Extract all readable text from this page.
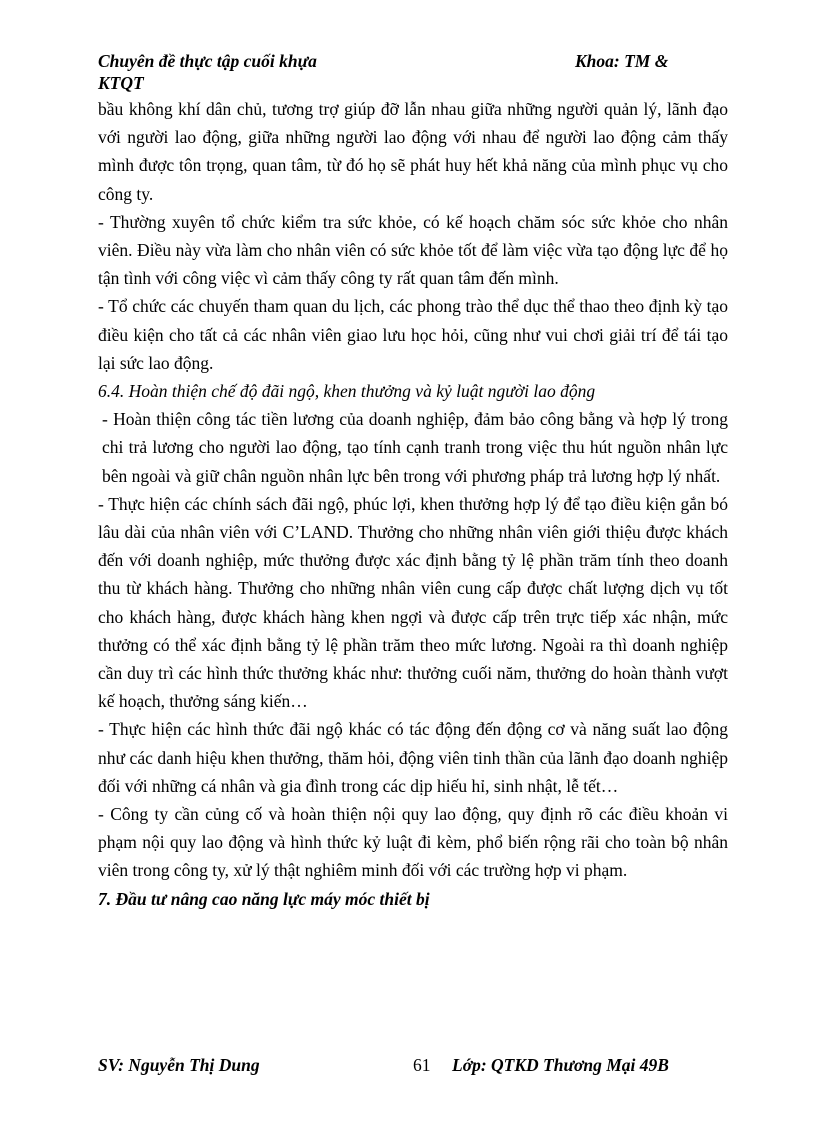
Chuyên đề thực tập cuối khựa	Khoa: TM &
KTQT

bầu không khí dân chủ, tương trợ giúp đỡ lẫn nhau giữa những người quản lý, lãnh đạo với người lao động, giữa những người lao động với nhau để người lao động cảm thấy mình được tôn trọng, quan tâm, từ đó họ sẽ phát huy hết khả năng của mình phục vụ cho công ty.

- Thường xuyên tổ chức kiểm tra sức khỏe, có kế hoạch chăm sóc sức khỏe cho nhân viên. Điều này vừa làm cho nhân viên có sức khỏe tốt để làm việc vừa tạo động lực để họ tận tình với công việc vì cảm thấy công ty rất quan tâm đến mình.

- Tổ chức các chuyến tham quan du lịch, các phong trào thể dục thể thao theo định kỳ tạo điều kiện cho tất cả các nhân viên giao lưu học hỏi, cũng như vui chơi giải trí để tái tạo lại sức lao động.

6.4. Hoàn thiện chế độ đãi ngộ, khen thưởng và kỷ luật người lao động

- Hoàn thiện công tác tiền lương của doanh nghiệp, đảm bảo công bằng và hợp lý trong chi trả lương cho người lao động, tạo tính cạnh tranh trong việc thu hút nguồn nhân lực bên ngoài và giữ chân nguồn nhân lực bên trong với phương pháp trả lương hợp lý nhất.

- Thực hiện các chính sách đãi ngộ, phúc lợi, khen thưởng hợp lý để tạo điều kiện gắn bó lâu dài của nhân viên với C’LAND. Thưởng cho những nhân viên giới thiệu được khách đến với doanh nghiệp, mức thưởng được xác định bằng tỷ lệ phần trăm tính theo doanh thu từ khách hàng. Thưởng cho những nhân viên cung cấp được chất lượng dịch vụ tốt cho khách hàng, được khách hàng khen ngợi và được cấp trên trực tiếp xác nhận, mức thưởng có thể xác định bằng tỷ lệ phần trăm theo mức lương. Ngoài ra thì doanh nghiệp cần duy trì các hình thức thưởng khác như: thưởng cuối năm, thưởng do hoàn thành vượt kế hoạch, thưởng sáng kiến…

- Thực hiện các hình thức đãi ngộ khác có tác động đến động cơ và năng suất lao động như các danh hiệu khen thưởng, thăm hỏi, động viên tinh thần của lãnh đạo doanh nghiệp đối với những cá nhân và gia đình trong các dịp hiếu hỉ, sinh nhật, lễ tết…

- Công ty cần củng cố và hoàn thiện nội quy lao động, quy định rõ các điều khoản vi phạm nội quy lao động và hình thức kỷ luật đi kèm, phổ biến rộng rãi cho toàn bộ nhân viên trong công ty, xử lý thật nghiêm minh đối với các trường hợp vi phạm.

7. Đầu tư nâng cao năng lực máy móc thiết bị

SV: Nguyễn Thị Dung	61 Lớp: QTKD Thương Mại 49B
